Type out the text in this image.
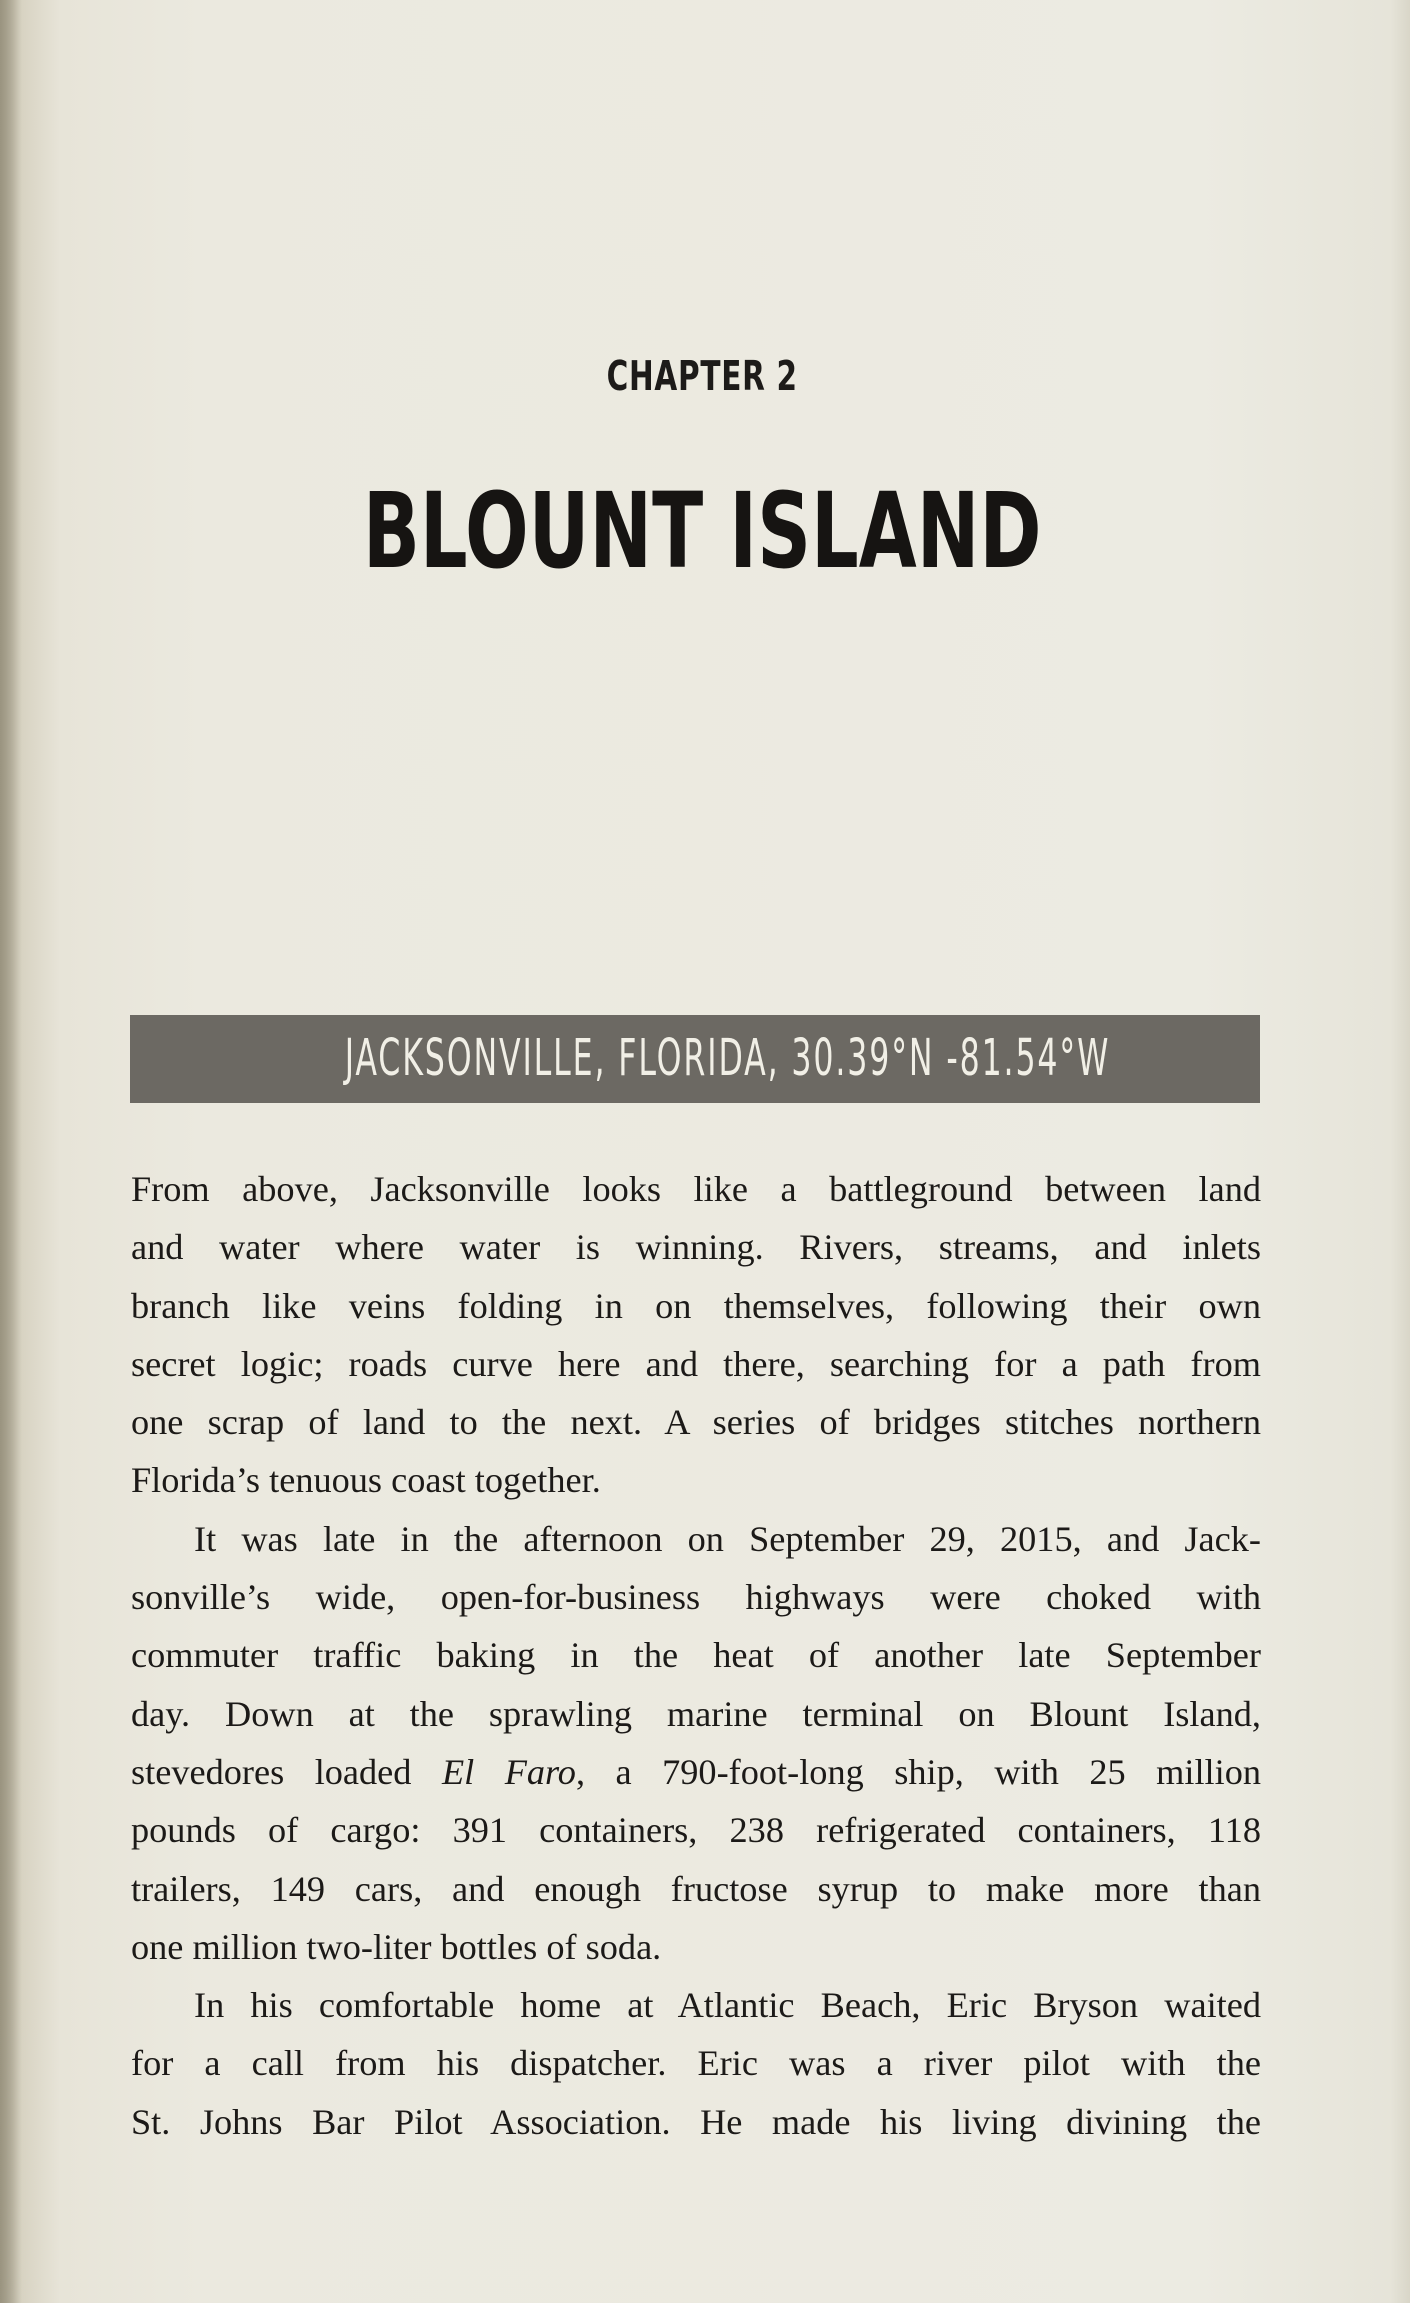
CHAPTER 2
BLOUNT ISLAND
JACKSONVILLE, FLORIDA, 30.39°N -81.54°W
From above, Jacksonville looks like a battleground between land
and water where water is winning. Rivers, streams, and inlets
branch like veins folding in on themselves, following their own
secret logic; roads curve here and there, searching for a path from
one scrap of land to the next. A series of bridges stitches northern
Florida’s tenuous coast together.
It was late in the afternoon on September 29, 2015, and Jack-
sonville’s wide, open-for-business highways were choked with
commuter traffic baking in the heat of another late September
day. Down at the sprawling marine terminal on Blount Island,
stevedores loaded El Faro, a 790-foot-long ship, with 25 million
pounds of cargo: 391 containers, 238 refrigerated containers, 118
trailers, 149 cars, and enough fructose syrup to make more than
one million two-liter bottles of soda.
In his comfortable home at Atlantic Beach, Eric Bryson waited
for a call from his dispatcher. Eric was a river pilot with the
St. Johns Bar Pilot Association. He made his living divining the
